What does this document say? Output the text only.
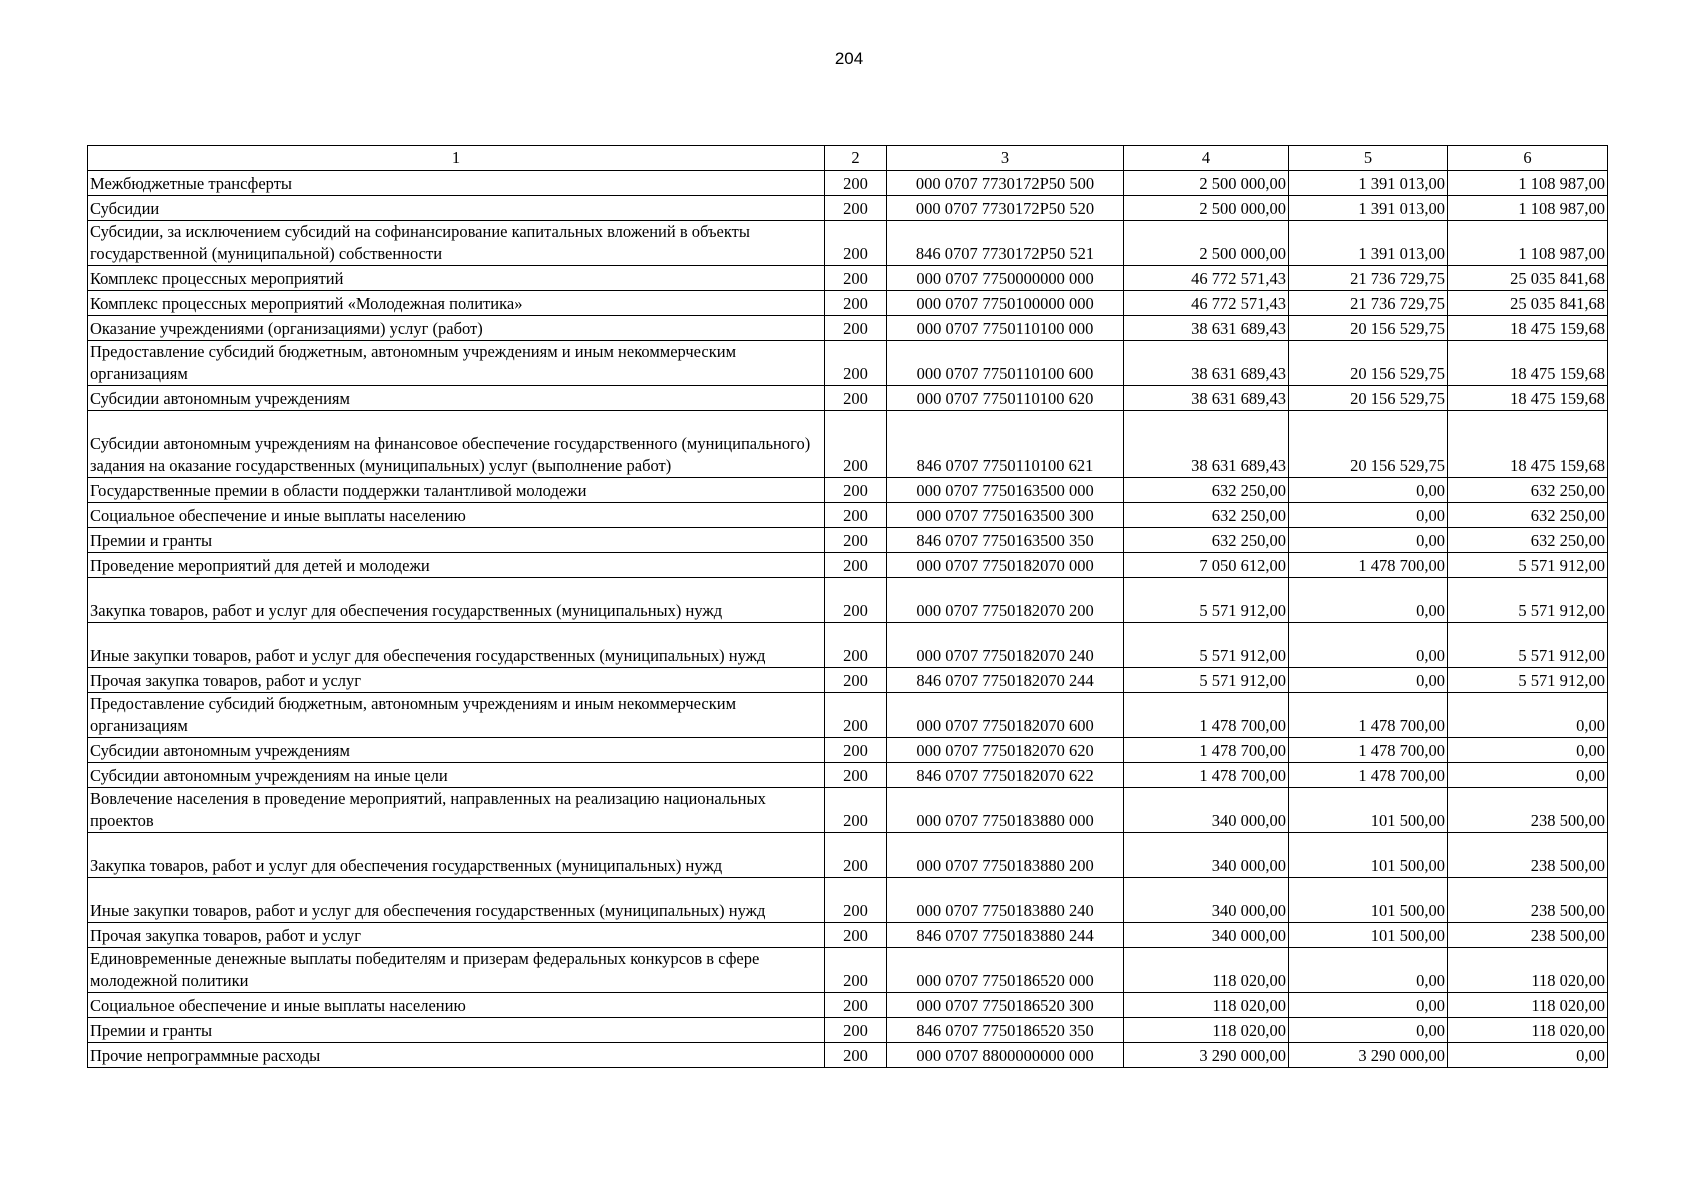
204
1	2	3	4	5	6
Межбюджетные трансферты	200	000 0707 7730172P50 500	2 500 000,00	1 391 013,00	1 108 987,00
Субсидии	200	000 0707 7730172P50 520	2 500 000,00	1 391 013,00	1 108 987,00
Субсидии, за исключением субсидий на софинансирование капитальных вложений в объекты государственной (муниципальной) собственности	200	846 0707 7730172P50 521	2 500 000,00	1 391 013,00	1 108 987,00
Комплекс процессных мероприятий	200	000 0707 7750000000 000	46 772 571,43	21 736 729,75	25 035 841,68
Комплекс процессных мероприятий «Молодежная политика»	200	000 0707 7750100000 000	46 772 571,43	21 736 729,75	25 035 841,68
Оказание учреждениями (организациями) услуг (работ)	200	000 0707 7750110100 000	38 631 689,43	20 156 529,75	18 475 159,68
Предоставление субсидий бюджетным, автономным учреждениям и иным некоммерческим организациям	200	000 0707 7750110100 600	38 631 689,43	20 156 529,75	18 475 159,68
Субсидии автономным учреждениям	200	000 0707 7750110100 620	38 631 689,43	20 156 529,75	18 475 159,68
Субсидии автономным учреждениям на финансовое обеспечение государственного (муниципального) задания на оказание государственных (муниципальных) услуг (выполнение работ)	200	846 0707 7750110100 621	38 631 689,43	20 156 529,75	18 475 159,68
Государственные премии в области поддержки талантливой молодежи	200	000 0707 7750163500 000	632 250,00	0,00	632 250,00
Социальное обеспечение и иные выплаты населению	200	000 0707 7750163500 300	632 250,00	0,00	632 250,00
Премии и гранты	200	846 0707 7750163500 350	632 250,00	0,00	632 250,00
Проведение мероприятий для детей и молодежи	200	000 0707 7750182070 000	7 050 612,00	1 478 700,00	5 571 912,00
Закупка товаров, работ и услуг для обеспечения государственных (муниципальных) нужд	200	000 0707 7750182070 200	5 571 912,00	0,00	5 571 912,00
Иные закупки товаров, работ и услуг для обеспечения государственных (муниципальных) нужд	200	000 0707 7750182070 240	5 571 912,00	0,00	5 571 912,00
Прочая закупка товаров, работ и услуг	200	846 0707 7750182070 244	5 571 912,00	0,00	5 571 912,00
Предоставление субсидий бюджетным, автономным учреждениям и иным некоммерческим организациям	200	000 0707 7750182070 600	1 478 700,00	1 478 700,00	0,00
Субсидии автономным учреждениям	200	000 0707 7750182070 620	1 478 700,00	1 478 700,00	0,00
Субсидии автономным учреждениям на иные цели	200	846 0707 7750182070 622	1 478 700,00	1 478 700,00	0,00
Вовлечение населения в проведение мероприятий, направленных на реализацию национальных проектов	200	000 0707 7750183880 000	340 000,00	101 500,00	238 500,00
Закупка товаров, работ и услуг для обеспечения государственных (муниципальных) нужд	200	000 0707 7750183880 200	340 000,00	101 500,00	238 500,00
Иные закупки товаров, работ и услуг для обеспечения государственных (муниципальных) нужд	200	000 0707 7750183880 240	340 000,00	101 500,00	238 500,00
Прочая закупка товаров, работ и услуг	200	846 0707 7750183880 244	340 000,00	101 500,00	238 500,00
Единовременные денежные выплаты победителям и призерам федеральных конкурсов в сфере молодежной политики	200	000 0707 7750186520 000	118 020,00	0,00	118 020,00
Социальное обеспечение и иные выплаты населению	200	000 0707 7750186520 300	118 020,00	0,00	118 020,00
Премии и гранты	200	846 0707 7750186520 350	118 020,00	0,00	118 020,00
Прочие непрограммные расходы	200	000 0707 8800000000 000	3 290 000,00	3 290 000,00	0,00
